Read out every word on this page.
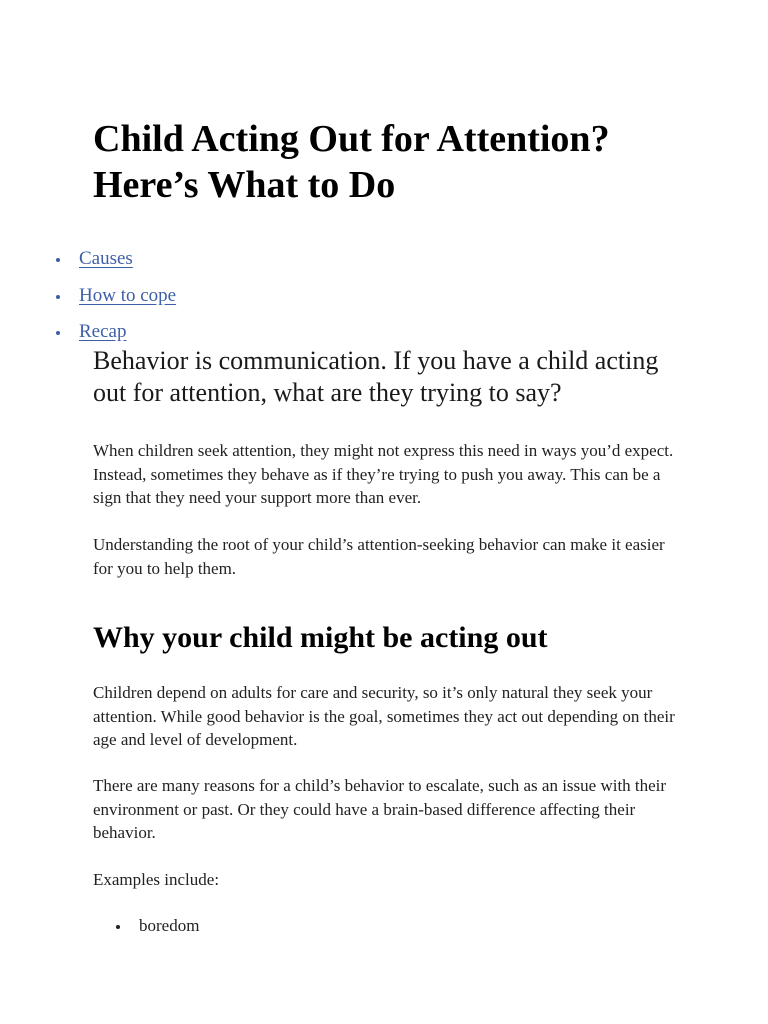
Child Acting Out for Attention?
Here’s What to Do
Causes
How to cope
Recap

Behavior is communication. If you have a child acting out for attention, what are they trying to say?

When children seek attention, they might not express this need in ways you’d expect. Instead, sometimes they behave as if they’re trying to push you away. This can be a sign that they need your support more than ever.

Understanding the root of your child’s attention-seeking behavior can make it easier for you to help them.

Why your child might be acting out

Children depend on adults for care and security, so it’s only natural they seek your attention. While good behavior is the goal, sometimes they act out depending on their age and level of development.

There are many reasons for a child’s behavior to escalate, such as an issue with their environment or past. Or they could have a brain-based difference affecting their behavior.

Examples include:

boredom
